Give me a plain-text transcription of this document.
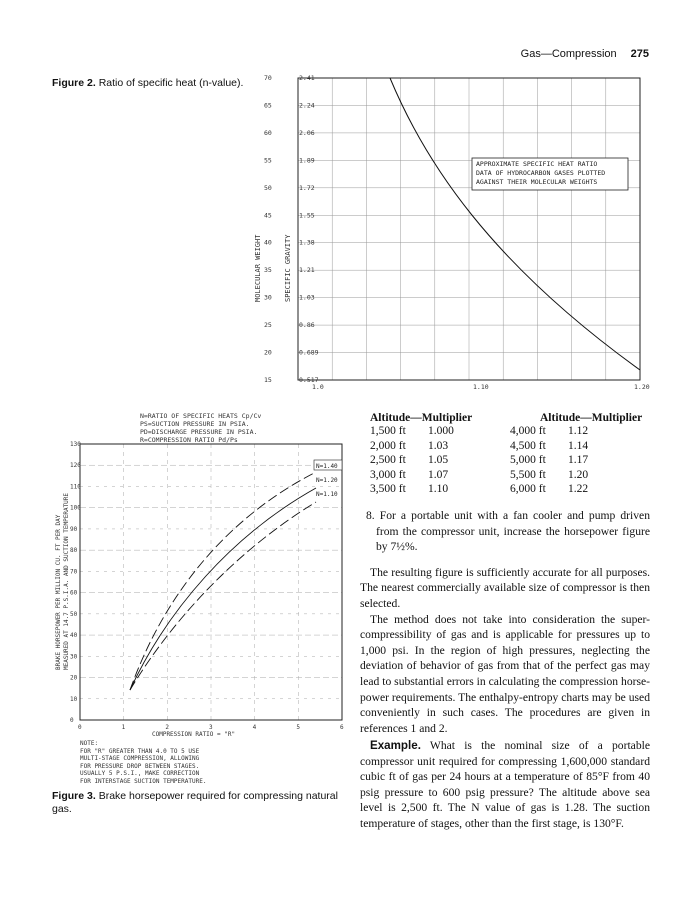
Gas—Compression 275
Figure 2. Ratio of specific heat (n-value).	70
65
60
55
50
45
40
35
30
25
20
15
2.41
2.24
2.06
1.89
1.72
1.55
1.38
1.21
1.03
0.86
0.689
0.517
1.0	1.10	1.20
MOLECULAR WEIGHT	SPECIFIC GRAVITY
APPROXIMATE SPECIFIC HEAT RATIO
DATA OF HYDROCARBON GASES PLOTTED
AGAINST THEIR MOLECULAR WEIGHTS
N=RATIO OF SPECIFIC HEATS Cp/Cv
PS=SUCTION PRESSURE IN PSIA.
PD=DISCHARGE PRESSURE IN PSIA.
R=COMPRESSION RATIO Pd/Ps
0
10
20
30
40
50
60
70
80
90
100
110
120
130
0	1	2	3	4	5	6
BRAKE HORSEPOWER PER MILLION CU. FT PER DAY MEASURED AT 14.7 P.S.I.A. AND SUCTION TEMPERATURE
N=1.40
N=1.20
N=1.10
COMPRESSION RATIO = "R"
NOTE:
FOR "R" GREATER THAN 4.0 TO 5 USE
MULTI-STAGE COMPRESSION, ALLOWING
FOR PRESSURE DROP BETWEEN STAGES.
USUALLY 5 P.S.I., MAKE CORRECTION
FOR INTERSTAGE SUCTION TEMPERATURE.
Figure 3. Brake horsepower required for compressing natural gas.
Altitude—Multiplier	Altitude—Multiplier
1,500 ft	1.000	4,000 ft	1.12
2,000 ft	1.03	4,500 ft	1.14
2,500 ft	1.05	5,000 ft	1.17
3,000 ft	1.07	5,500 ft	1.20
3,500 ft	1.10	6,000 ft	1.22

8. For a portable unit with a fan cooler and pump driven from the compressor unit, increase the horsepower figure by 7½%.

The resulting figure is sufficiently accurate for all purposes. The nearest commercially available size of compressor is then selected.

The method does not take into consideration the super-compressibility of gas and is applicable for pressures up to 1,000 psi. In the region of high pressures, neglecting the deviation of behavior of gas from that of the perfect gas may lead to substantial errors in calculating the compression horse-power requirements. The enthalpy-entropy charts may be used conveniently in such cases. The procedures are given in references 1 and 2.

Example. What is the nominal size of a portable compressor unit required for compressing 1,600,000 standard cubic ft of gas per 24 hours at a temperature of 85°F from 40 psig pressure to 600 psig pressure? The altitude above sea level is 2,500 ft. The N value of gas is 1.28. The suction temperature of stages, other than the first stage, is 130°F.
